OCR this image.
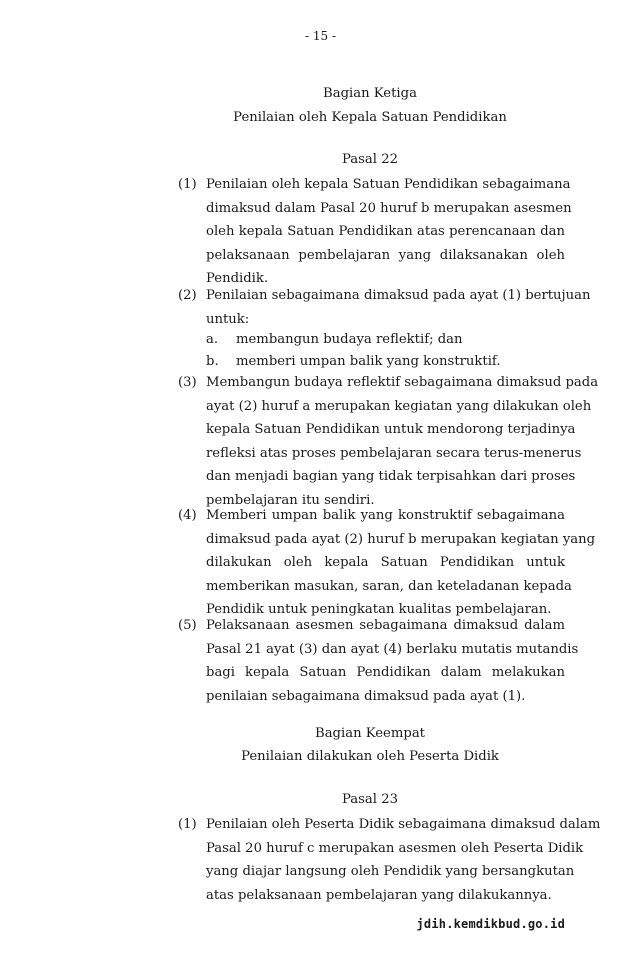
- 15 -
Bagian Ketiga
Penilaian oleh Kepala Satuan Pendidikan
Pasal 22
(1) Penilaian oleh kepala Satuan Pendidikan sebagaimana
dimaksud dalam Pasal 20 huruf b merupakan asesmen
oleh kepala Satuan Pendidikan atas perencanaan dan
pelaksanaan pembelajaran yang dilaksanakan oleh
Pendidik.
(2) Penilaian sebagaimana dimaksud pada ayat (1) bertujuan
untuk:
a. membangun budaya reflektif; dan
b. memberi umpan balik yang konstruktif.
(3) Membangun budaya reflektif sebagaimana dimaksud pada
ayat (2) huruf a merupakan kegiatan yang dilakukan oleh
kepala Satuan Pendidikan untuk mendorong terjadinya
refleksi atas proses pembelajaran secara terus-menerus
dan menjadi bagian yang tidak terpisahkan dari proses
pembelajaran itu sendiri.
(4) Memberi umpan balik yang konstruktif sebagaimana
dimaksud pada ayat (2) huruf b merupakan kegiatan yang
dilakukan oleh kepala Satuan Pendidikan untuk
memberikan masukan, saran, dan keteladanan kepada
Pendidik untuk peningkatan kualitas pembelajaran.
(5) Pelaksanaan asesmen sebagaimana dimaksud dalam
Pasal 21 ayat (3) dan ayat (4) berlaku mutatis mutandis
bagi kepala Satuan Pendidikan dalam melakukan
penilaian sebagaimana dimaksud pada ayat (1).
Bagian Keempat
Penilaian dilakukan oleh Peserta Didik
Pasal 23
(1) Penilaian oleh Peserta Didik sebagaimana dimaksud dalam
Pasal 20 huruf c merupakan asesmen oleh Peserta Didik
yang diajar langsung oleh Pendidik yang bersangkutan
atas pelaksanaan pembelajaran yang dilakukannya.
jdih.kemdikbud.go.id
